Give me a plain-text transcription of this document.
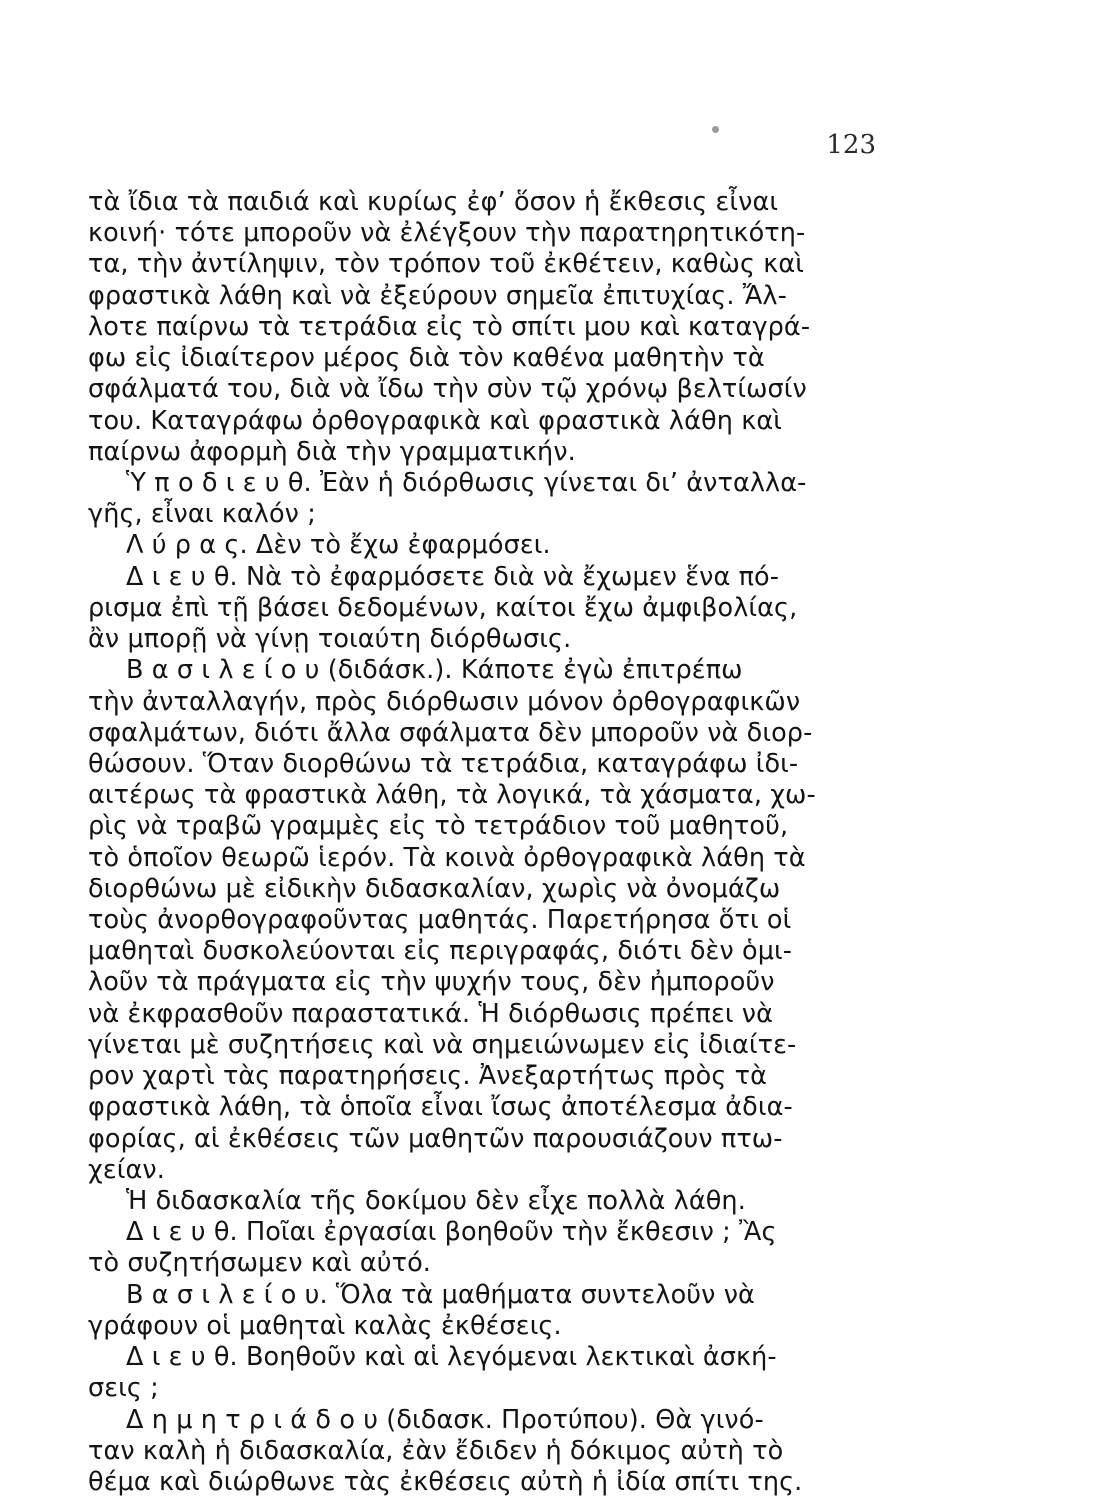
123
τὰ ἴδια τὰ παιδιά καὶ κυρίως ἐφ’ ὅσον ἡ ἔκθεσις εἶναι
κοινή· τότε μποροῦν νὰ ἐλέγξουν τὴν παρατηρητικότη-
τα, τὴν ἀντίληψιν, τὸν τρόπον τοῦ ἐκθέτειν, καθὼς καὶ
φραστικὰ λάθη καὶ νὰ ἐξεύρουν σημεῖα ἐπιτυχίας. Ἄλ-
λοτε παίρνω τὰ τετράδια εἰς τὸ σπίτι μου καὶ καταγρά-
φω εἰς ἰδιαίτερον μέρος διὰ τὸν καθένα μαθητὴν τὰ
σφάλματά του, διὰ νὰ ἴδω τὴν σὺν τῷ χρόνῳ βελτίωσίν
του. Καταγράφω ὀρθογραφικὰ καὶ φραστικὰ λάθη καὶ
παίρνω ἀφορμὴ διὰ τὴν γραμματικήν.
Ὑ π ο δ ι ε υ θ. Ἐὰν ἡ διόρθωσις γίνεται δι’ ἀνταλλα-
γῆς, εἶναι καλόν ;
Λ ύ ρ α ς. Δὲν τὸ ἔχω ἐφαρμόσει.
Δ ι ε υ θ. Νὰ τὸ ἐφαρμόσετε διὰ νὰ ἔχωμεν ἕνα πό-
ρισμα ἐπὶ τῇ βάσει δεδομένων, καίτοι ἔχω ἀμφιβολίας,
ἂν μπορῇ νὰ γίνῃ τοιαύτη διόρθωσις.
Β α σ ι λ ε ί ο υ (διδάσκ.). Κάποτε ἐγὼ ἐπιτρέπω
τὴν ἀνταλλαγήν, πρὸς διόρθωσιν μόνον ὀρθογραφικῶν
σφαλμάτων, διότι ἄλλα σφάλματα δὲν μποροῦν νὰ διορ-
θώσουν. Ὅταν διορθώνω τὰ τετράδια, καταγράφω ἰδι-
αιτέρως τὰ φραστικὰ λάθη, τὰ λογικά, τὰ χάσματα, χω-
ρὶς νὰ τραβῶ γραμμὲς εἰς τὸ τετράδιον τοῦ μαθητοῦ,
τὸ ὁποῖον θεωρῶ ἱερόν. Τὰ κοινὰ ὀρθογραφικὰ λάθη τὰ
διορθώνω μὲ εἰδικὴν διδασκαλίαν, χωρὶς νὰ ὀνομάζω
τοὺς ἀνορθογραφοῦντας μαθητάς. Παρετήρησα ὅτι οἱ
μαθηταὶ δυσκολεύονται εἰς περιγραφάς, διότι δὲν ὁμι-
λοῦν τὰ πράγματα εἰς τὴν ψυχήν τους, δὲν ἠμποροῦν
νὰ ἐκφρασθοῦν παραστατικά. Ἡ διόρθωσις πρέπει νὰ
γίνεται μὲ συζητήσεις καὶ νὰ σημειώνωμεν εἰς ἰδιαίτε-
ρον χαρτὶ τὰς παρατηρήσεις. Ἀνεξαρτήτως πρὸς τὰ
φραστικὰ λάθη, τὰ ὁποῖα εἶναι ἴσως ἀποτέλεσμα ἀδια-
φορίας, αἱ ἐκθέσεις τῶν μαθητῶν παρουσιάζουν πτω-
χείαν.
Ἡ διδασκαλία τῆς δοκίμου δὲν εἶχε πολλὰ λάθη.
Δ ι ε υ θ. Ποῖαι ἐργασίαι βοηθοῦν τὴν ἔκθεσιν ; Ἂς
τὸ συζητήσωμεν καὶ αὐτό.
Β α σ ι λ ε ί ο υ. Ὅλα τὰ μαθήματα συντελοῦν νὰ
γράφουν οἱ μαθηταὶ καλὰς ἐκθέσεις.
Δ ι ε υ θ. Βοηθοῦν καὶ αἱ λεγόμεναι λεκτικαὶ ἀσκή-
σεις ;
Δ η μ η τ ρ ι ά δ ο υ (διδασκ. Προτύπου). Θὰ γινό-
ταν καλὴ ἡ διδασκαλία, ἐὰν ἔδιδεν ἡ δόκιμος αὐτὴ τὸ
θέμα καὶ διώρθωνε τὰς ἐκθέσεις αὐτὴ ἡ ἰδία σπίτι της.
